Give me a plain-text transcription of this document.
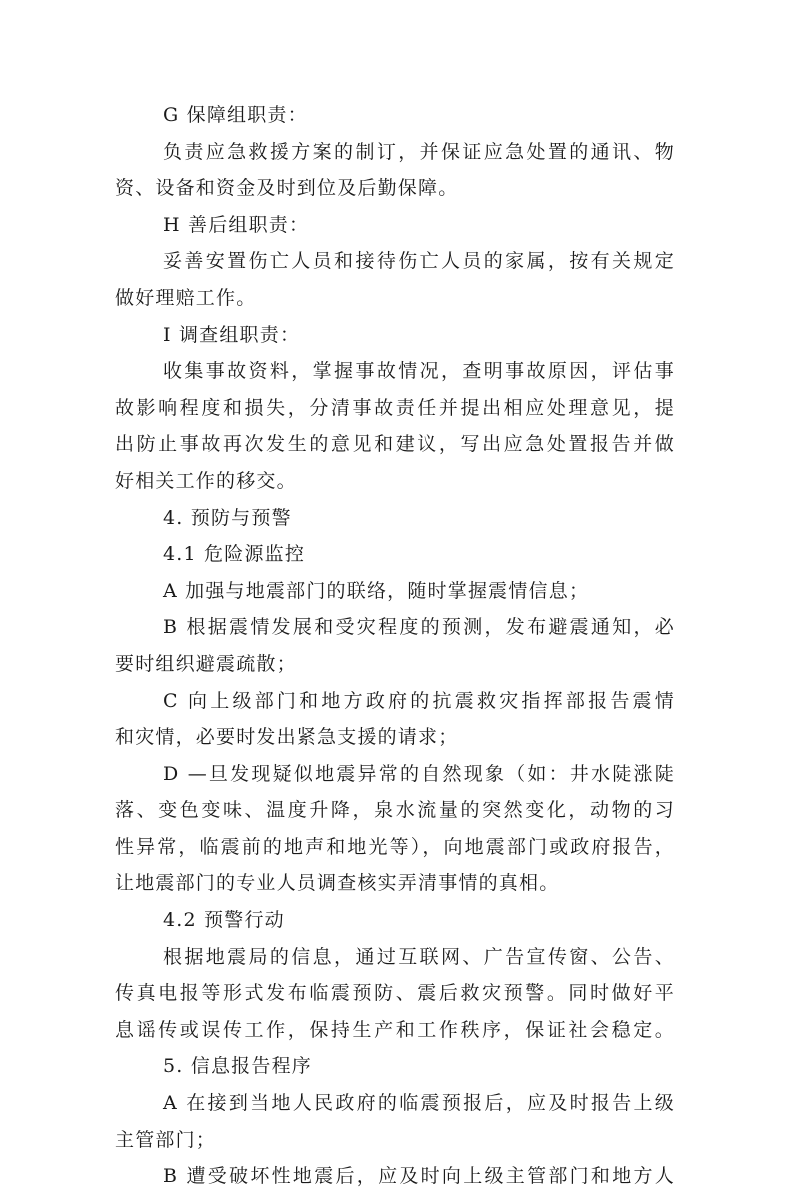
G 保障组职责：
负责应急救援方案的制订，并保证应急处置的通讯、物
资、设备和资金及时到位及后勤保障。
H 善后组职责：
妥善安置伤亡人员和接待伤亡人员的家属，按有关规定
做好理赔工作。
I 调查组职责：
收集事故资料，掌握事故情况，查明事故原因，评估事
故影响程度和损失，分清事故责任并提出相应处理意见，提
出防止事故再次发生的意见和建议，写出应急处置报告并做
好相关工作的移交。
4. 预防与预警
4.1 危险源监控
A 加强与地震部门的联络，随时掌握震情信息；
B 根据震情发展和受灾程度的预测，发布避震通知，必
要时组织避震疏散；
C 向上级部门和地方政府的抗震救灾指挥部报告震情
和灾情，必要时发出紧急支援的请求；
D —旦发现疑似地震异常的自然现象（如：井水陡涨陡
落、变色变味、温度升降，泉水流量的突然变化，动物的习
性异常，临震前的地声和地光等），向地震部门或政府报告，
让地震部门的专业人员调查核实弄清事情的真相。
4.2 预警行动
根据地震局的信息，通过互联网、广告宣传窗、公告、
传真电报等形式发布临震预防、震后救灾预警。同时做好平
息谣传或误传工作，保持生产和工作秩序，保证社会稳定。
5. 信息报告程序
A 在接到当地人民政府的临震预报后，应及时报告上级
主管部门；
B 遭受破坏性地震后，应及时向上级主管部门和地方人
